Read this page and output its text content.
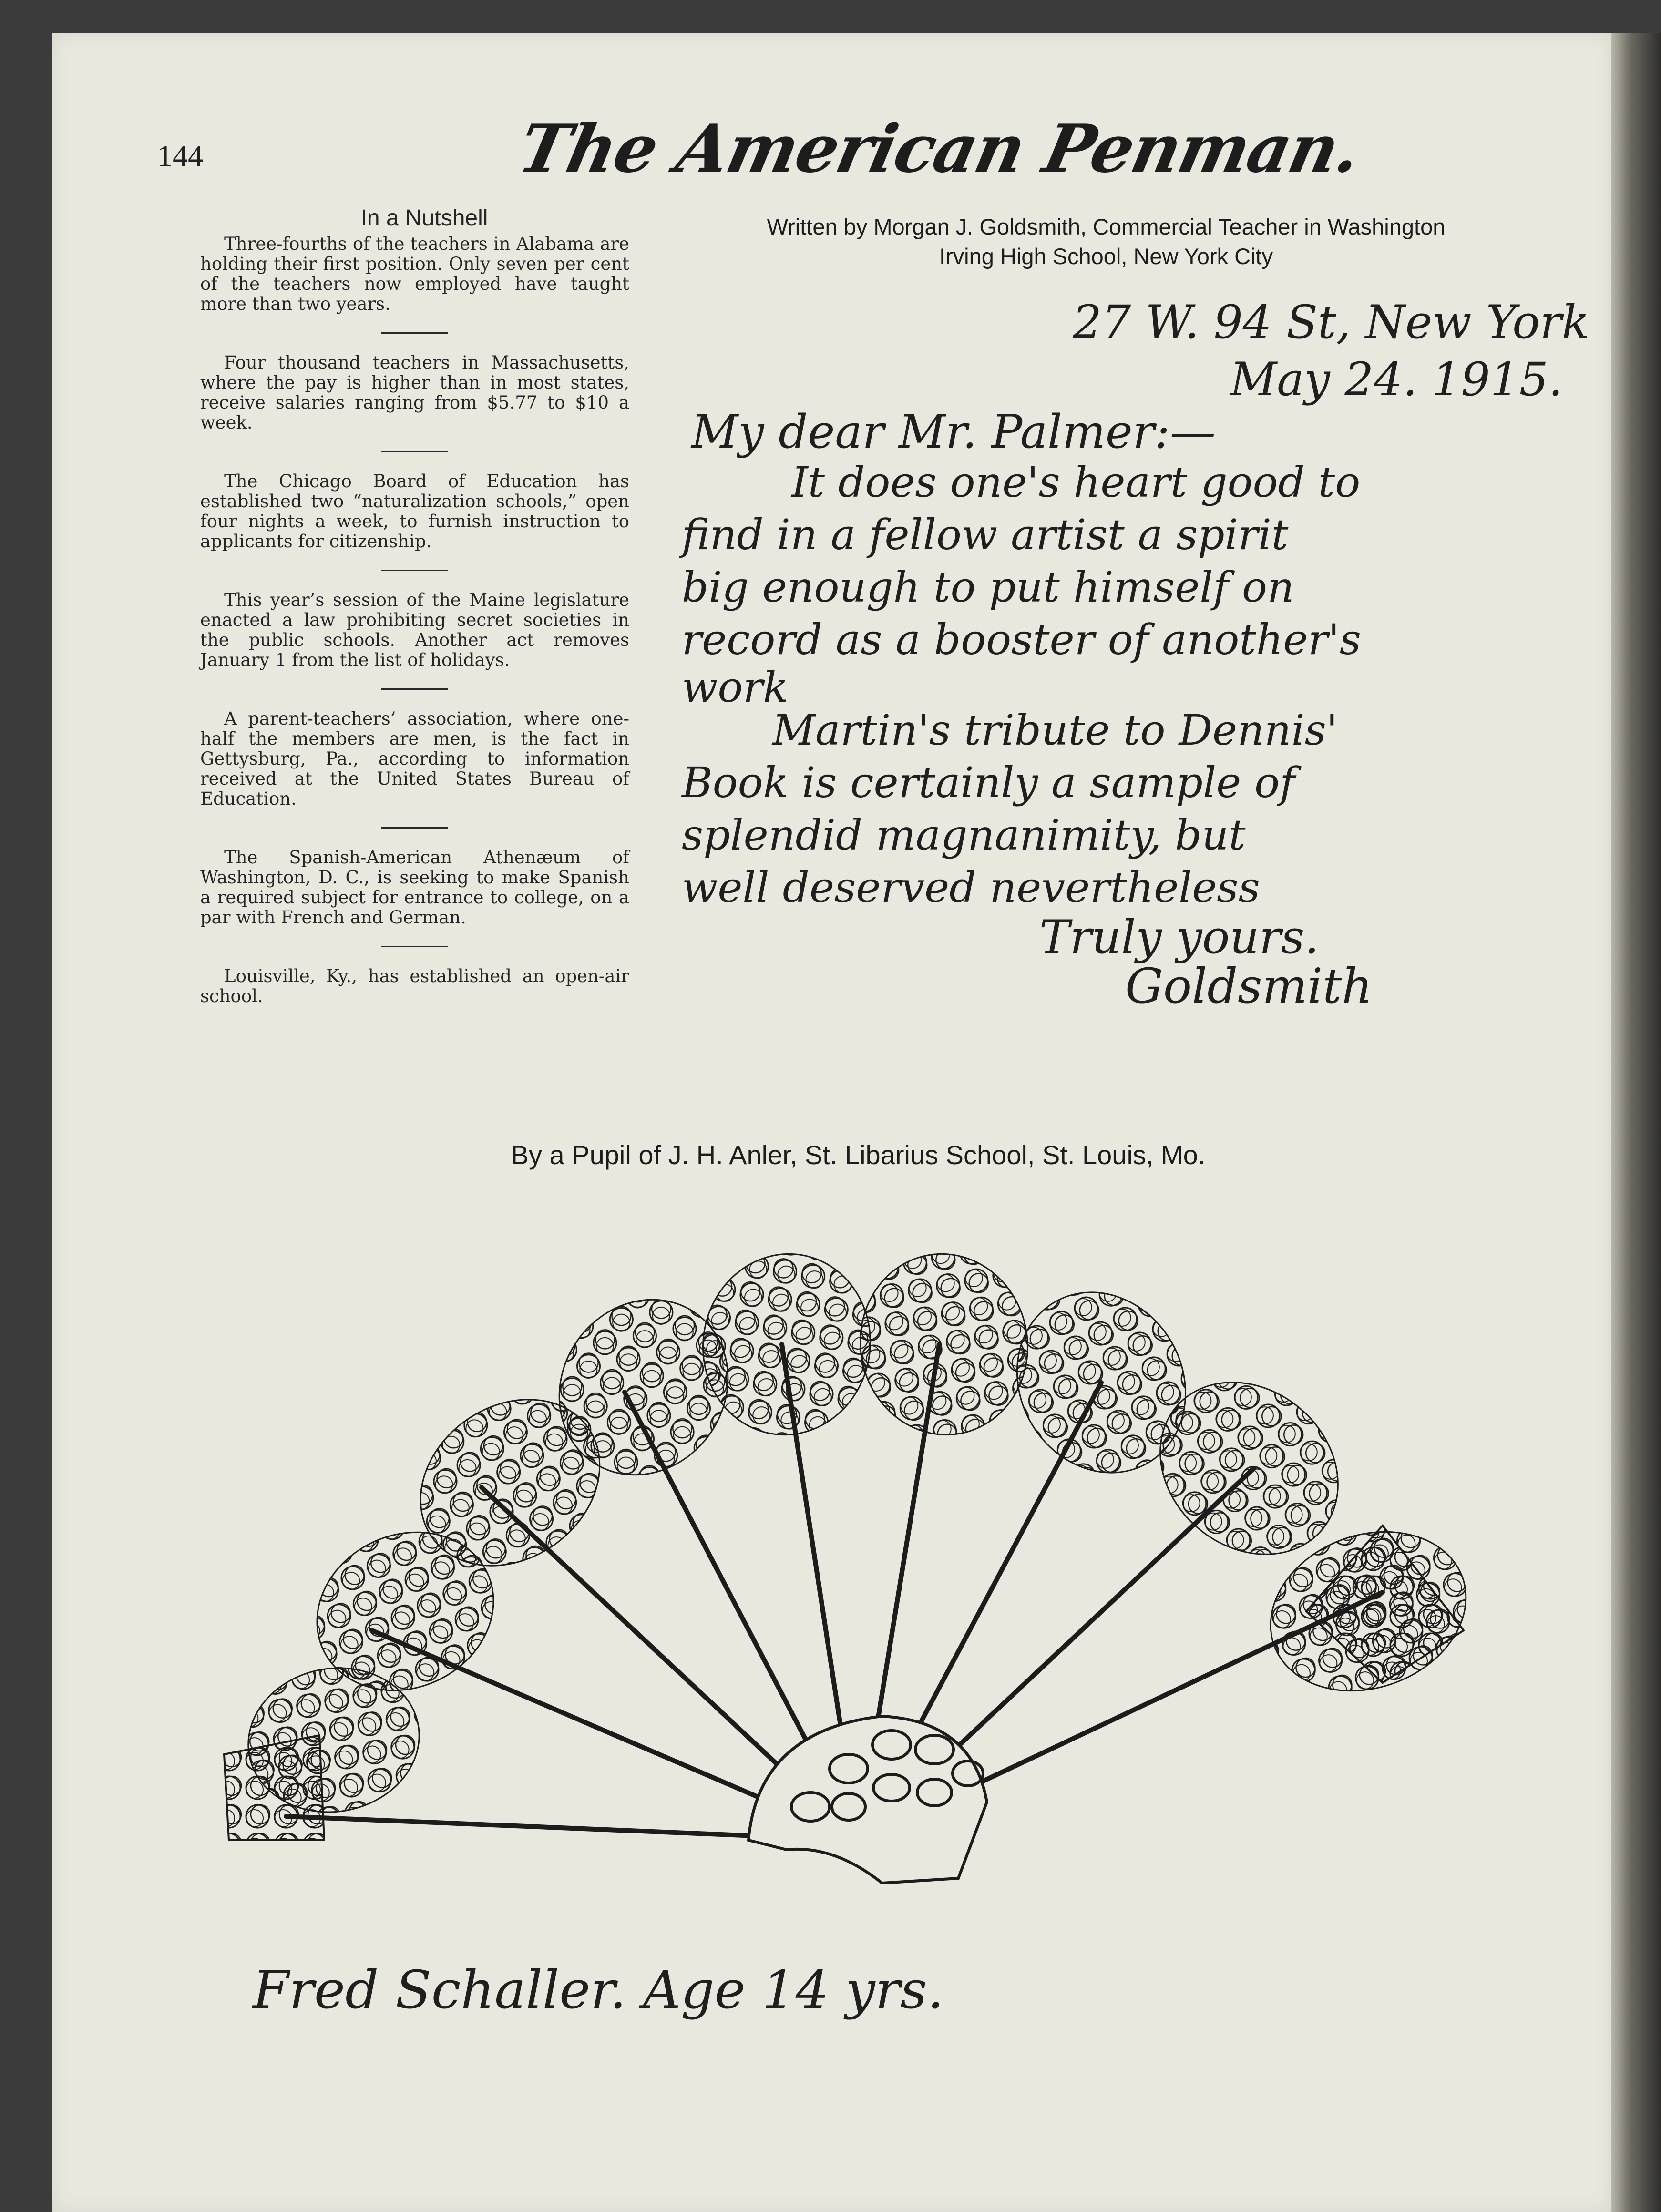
144	The American Penman.
In a Nutshell

Three-fourths of the teachers in Alabama are holding their first position. Only seven per cent of the teachers now employed have taught more than two years.

Four thousand teachers in Massachusetts, where the pay is higher than in most states, receive salaries ranging from $5.77 to $10 a week.

The Chicago Board of Education has established two “naturalization schools,” open four nights a week, to furnish instruction to applicants for citizenship.

This year’s session of the Maine legislature enacted a law prohibiting secret societies in the public schools. Another act removes January 1 from the list of holidays.

A parent-teachers’ association, where one-half the members are men, is the fact in Gettysburg, Pa., according to information received at the United States Bureau of Education.

The Spanish-American Athenæum of Washington, D. C., is seeking to make Spanish a required subject for entrance to college, on a par with French and German.

Louisville, Ky., has established an open-air school.

Written by Morgan J. Goldsmith, Commercial Teacher in Washington
Irving High School, New York City
27 W. 94 St, New York
May 24. 1915.
My dear Mr. Palmer:—
It does one's heart good to
find in a fellow artist a spirit
big enough to put himself on
record as a booster of another's
work
Martin's tribute to Dennis'
Book is certainly a sample of
splendid magnanimity, but
well deserved nevertheless
Truly yours.
Goldsmith
By a Pupil of J. H. Anler, St. Libarius School, St. Louis, Mo.
Fred Schaller. Age 14 yrs.
